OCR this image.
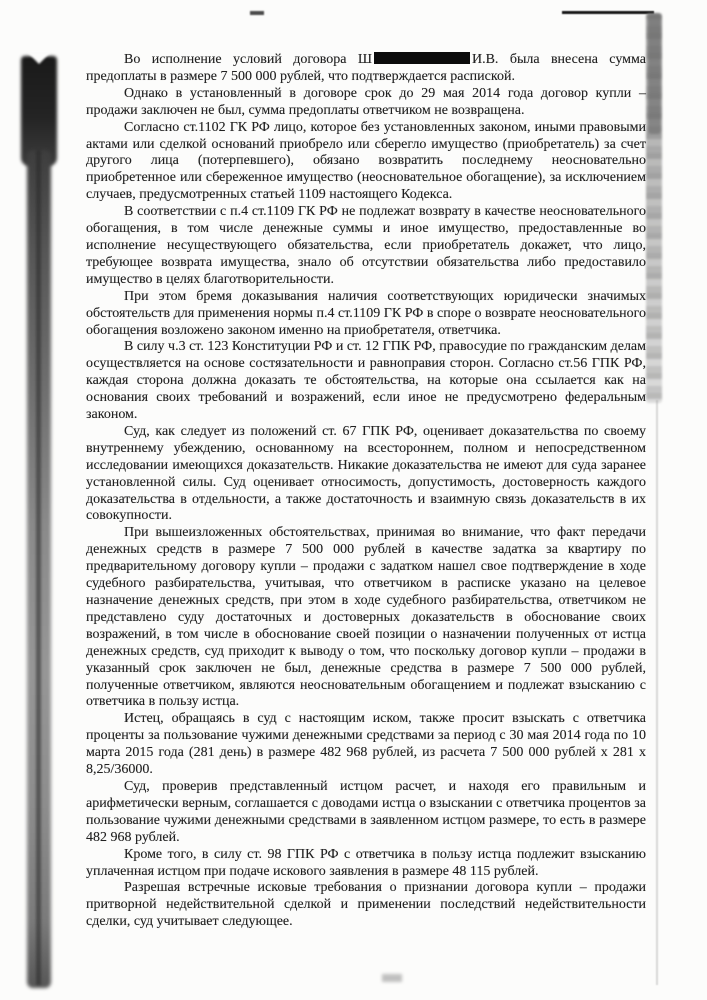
Во исполнение условий договора Ш	И.В. была внесена сумма предоплаты в размере 7 500 000 рублей, что подтверждается распиской.

Однако в установленный в договоре срок до 29 мая 2014 года договор купли – продажи заключен не был, сумма предоплаты ответчиком не возвращена.

Согласно ст.1102 ГК РФ лицо, которое без установленных законом, иными правовыми актами или сделкой оснований приобрело или сберегло имущество (приобретатель) за счет другого лица (потерпевшего), обязано возвратить последнему неосновательно приобретенное или сбереженное имущество (неосновательное обогащение), за исключением случаев, предусмотренных статьей 1109 настоящего Кодекса.

В соответствии с п.4 ст.1109 ГК РФ не подлежат возврату в качестве неосновательного обогащения, в том числе денежные суммы и иное имущество, предоставленные во исполнение несуществующего обязательства, если приобретатель докажет, что лицо, требующее возврата имущества, знало об отсутствии обязательства либо предоставило имущество в целях благотворительности.

При этом бремя доказывания наличия соответствующих юридически значимых обстоятельств для применения нормы п.4 ст.1109 ГК РФ в споре о возврате неосновательного обогащения возложено законом именно на приобретателя, ответчика.

В силу ч.3 ст. 123 Конституции РФ и ст. 12 ГПК РФ, правосудие по гражданским делам осуществляется на основе состязательности и равноправия сторон. Согласно ст.56 ГПК РФ, каждая сторона должна доказать те обстоятельства, на которые она ссылается как на основания своих требований и возражений, если иное не предусмотрено федеральным законом.

Суд, как следует из положений ст. 67 ГПК РФ, оценивает доказательства по своему внутреннему убеждению, основанному на всестороннем, полном и непосредственном исследовании имеющихся доказательств. Никакие доказательства не имеют для суда заранее установленной силы. Суд оценивает относимость, допустимость, достоверность каждого доказательства в отдельности, а также достаточность и взаимную связь доказательств в их совокупности.

При вышеизложенных обстоятельствах, принимая во внимание, что факт передачи денежных средств в размере 7 500 000 рублей в качестве задатка за квартиру по предварительному договору купли – продажи с задатком нашел свое подтверждение в ходе судебного разбирательства, учитывая, что ответчиком в расписке указано на целевое назначение денежных средств, при этом в ходе судебного разбирательства, ответчиком не представлено суду достаточных и достоверных доказательств в обоснование своих возражений, в том числе в обоснование своей позиции о назначении полученных от истца денежных средств, суд приходит к выводу о том, что поскольку договор купли – продажи в указанный срок заключен не был, денежные средства в размере 7 500 000 рублей, полученные ответчиком, являются неосновательным обогащением и подлежат взысканию с ответчика в пользу истца.

Истец, обращаясь в суд с настоящим иском, также просит взыскать с ответчика проценты за пользование чужими денежными средствами за период с 30 мая 2014 года по 10 марта 2015 года (281 день) в размере 482 968 рублей, из расчета 7 500 000 рублей х 281 х 8,25/36000.

Суд, проверив представленный истцом расчет, и находя его правильным и арифметически верным, соглашается с доводами истца о взыскании с ответчика процентов за пользование чужими денежными средствами в заявленном истцом размере, то есть в размере 482 968 рублей.

Кроме того, в силу ст. 98 ГПК РФ с ответчика в пользу истца подлежит взысканию уплаченная истцом при подаче искового заявления в размере 48 115 рублей.

Разрешая встречные исковые требования о признании договора купли – продажи притворной недействительной сделкой и применении последствий недействительности сделки, суд учитывает следующее.
